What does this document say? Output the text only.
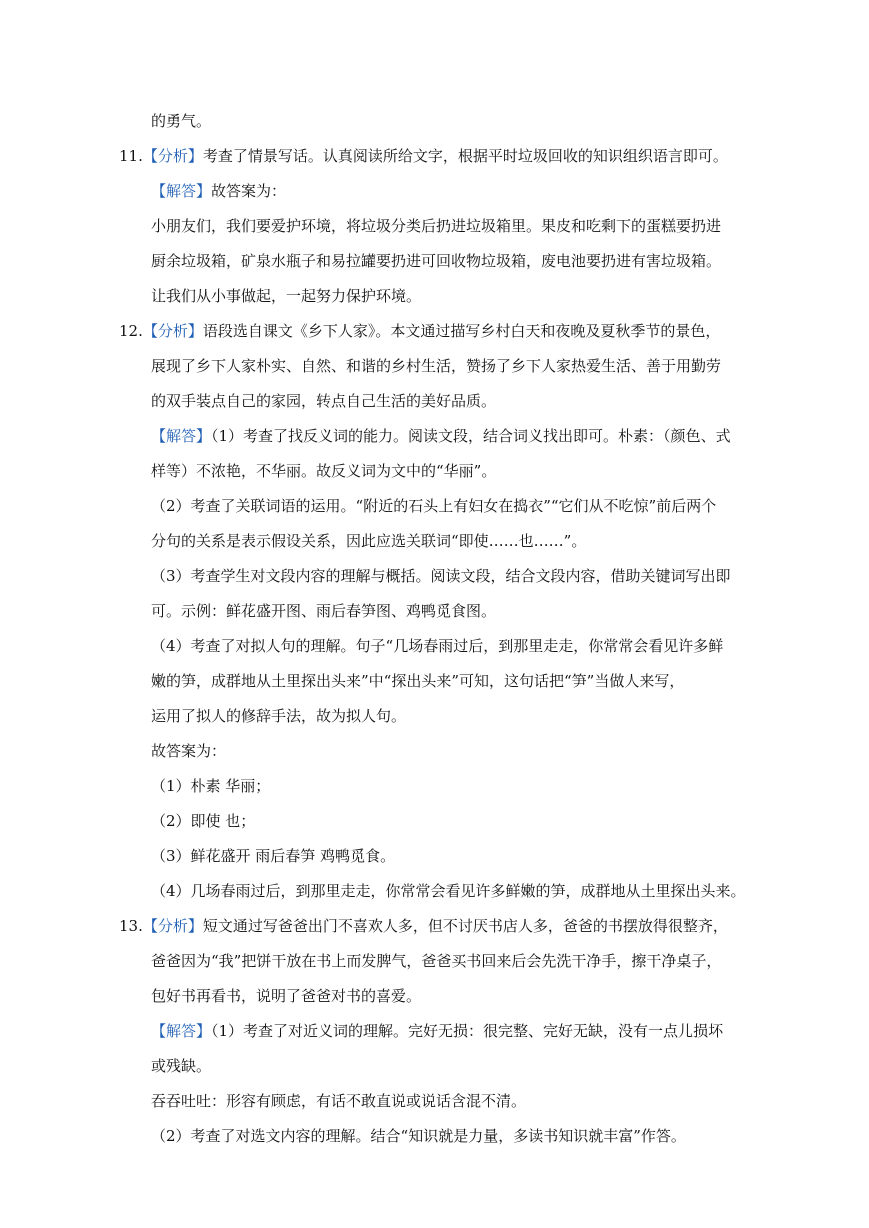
的勇气。
11.【分析】考查了情景写话。认真阅读所给文字，根据平时垃圾回收的知识组织语言即可。
【解答】故答案为：
小朋友们，我们要爱护环境，将垃圾分类后扔进垃圾箱里。果皮和吃剩下的蛋糕要扔进
厨余垃圾箱，矿泉水瓶子和易拉罐要扔进可回收物垃圾箱，废电池要扔进有害垃圾箱。
让我们从小事做起，一起努力保护环境。
12.【分析】语段选自课文《乡下人家》。本文通过描写乡村白天和夜晚及夏秋季节的景色，
展现了乡下人家朴实、自然、和谐的乡村生活，赞扬了乡下人家热爱生活、善于用勤劳
的双手装点自己的家园，转点自己生活的美好品质。
【解答】（1）考查了找反义词的能力。阅读文段，结合词义找出即可。朴素：（颜色、式
样等）不浓艳，不华丽。故反义词为文中的“华丽”。
（2）考查了关联词语的运用。“附近的石头上有妇女在捣衣”“它们从不吃惊”前后两个
分句的关系是表示假设关系，因此应选关联词“即使……也……”。
（3）考查学生对文段内容的理解与概括。阅读文段，结合文段内容，借助关键词写出即
可。示例：鲜花盛开图、雨后春笋图、鸡鸭觅食图。
（4）考查了对拟人句的理解。句子“几场春雨过后，到那里走走，你常常会看见许多鲜
嫩的笋，成群地从土里探出头来”中“探出头来”可知，这句话把“笋”当做人来写，
运用了拟人的修辞手法，故为拟人句。
故答案为：
（1）朴素 华丽；
（2）即使 也；
（3）鲜花盛开 雨后春笋 鸡鸭觅食。
（4）几场春雨过后，到那里走走，你常常会看见许多鲜嫩的笋，成群地从土里探出头来。
13.【分析】短文通过写爸爸出门不喜欢人多，但不讨厌书店人多，爸爸的书摆放得很整齐，
爸爸因为“我”把饼干放在书上而发脾气，爸爸买书回来后会先洗干净手，擦干净桌子，
包好书再看书，说明了爸爸对书的喜爱。
【解答】（1）考查了对近义词的理解。完好无损：很完整、完好无缺，没有一点儿损坏
或残缺。
吞吞吐吐：形容有顾虑，有话不敢直说或说话含混不清。
（2）考查了对选文内容的理解。结合“知识就是力量，多读书知识就丰富”作答。
